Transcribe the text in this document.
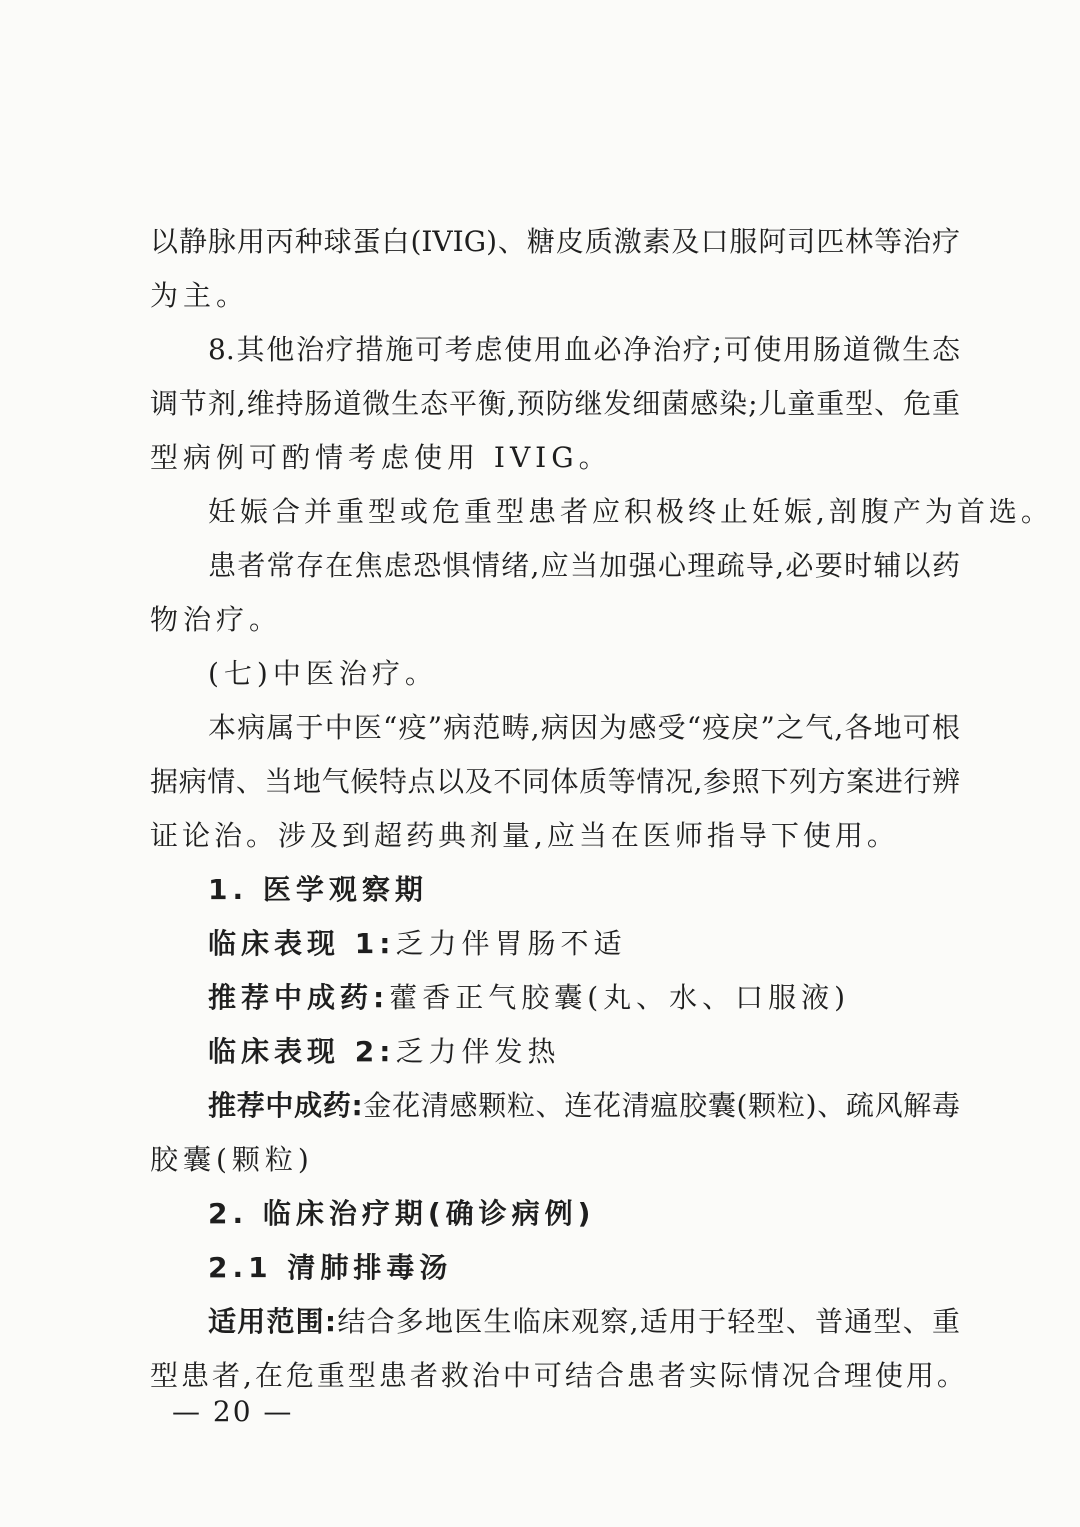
以静脉用丙种球蛋白(IVIG)、糖皮质激素及口服阿司匹林等治疗
为主。
8.其他治疗措施可考虑使用血必净治疗;可使用肠道微生态
调节剂,维持肠道微生态平衡,预防继发细菌感染;儿童重型、危重
型病例可酌情考虑使用 IVIG。
妊娠合并重型或危重型患者应积极终止妊娠,剖腹产为首选。
患者常存在焦虑恐惧情绪,应当加强心理疏导,必要时辅以药
物治疗。
(七)中医治疗。
本病属于中医“疫”病范畴,病因为感受“疫戾”之气,各地可根
据病情、当地气候特点以及不同体质等情况,参照下列方案进行辨
证论治。涉及到超药典剂量,应当在医师指导下使用。
1. 医学观察期
临床表现 1:乏力伴胃肠不适
推荐中成药:藿香正气胶囊(丸、水、口服液)
临床表现 2:乏力伴发热
推荐中成药:金花清感颗粒、连花清瘟胶囊(颗粒)、疏风解毒
胶囊(颗粒)
2. 临床治疗期(确诊病例)
2.1 清肺排毒汤
适用范围:结合多地医生临床观察,适用于轻型、普通型、重
型患者,在危重型患者救治中可结合患者实际情况合理使用。
— 20 —
